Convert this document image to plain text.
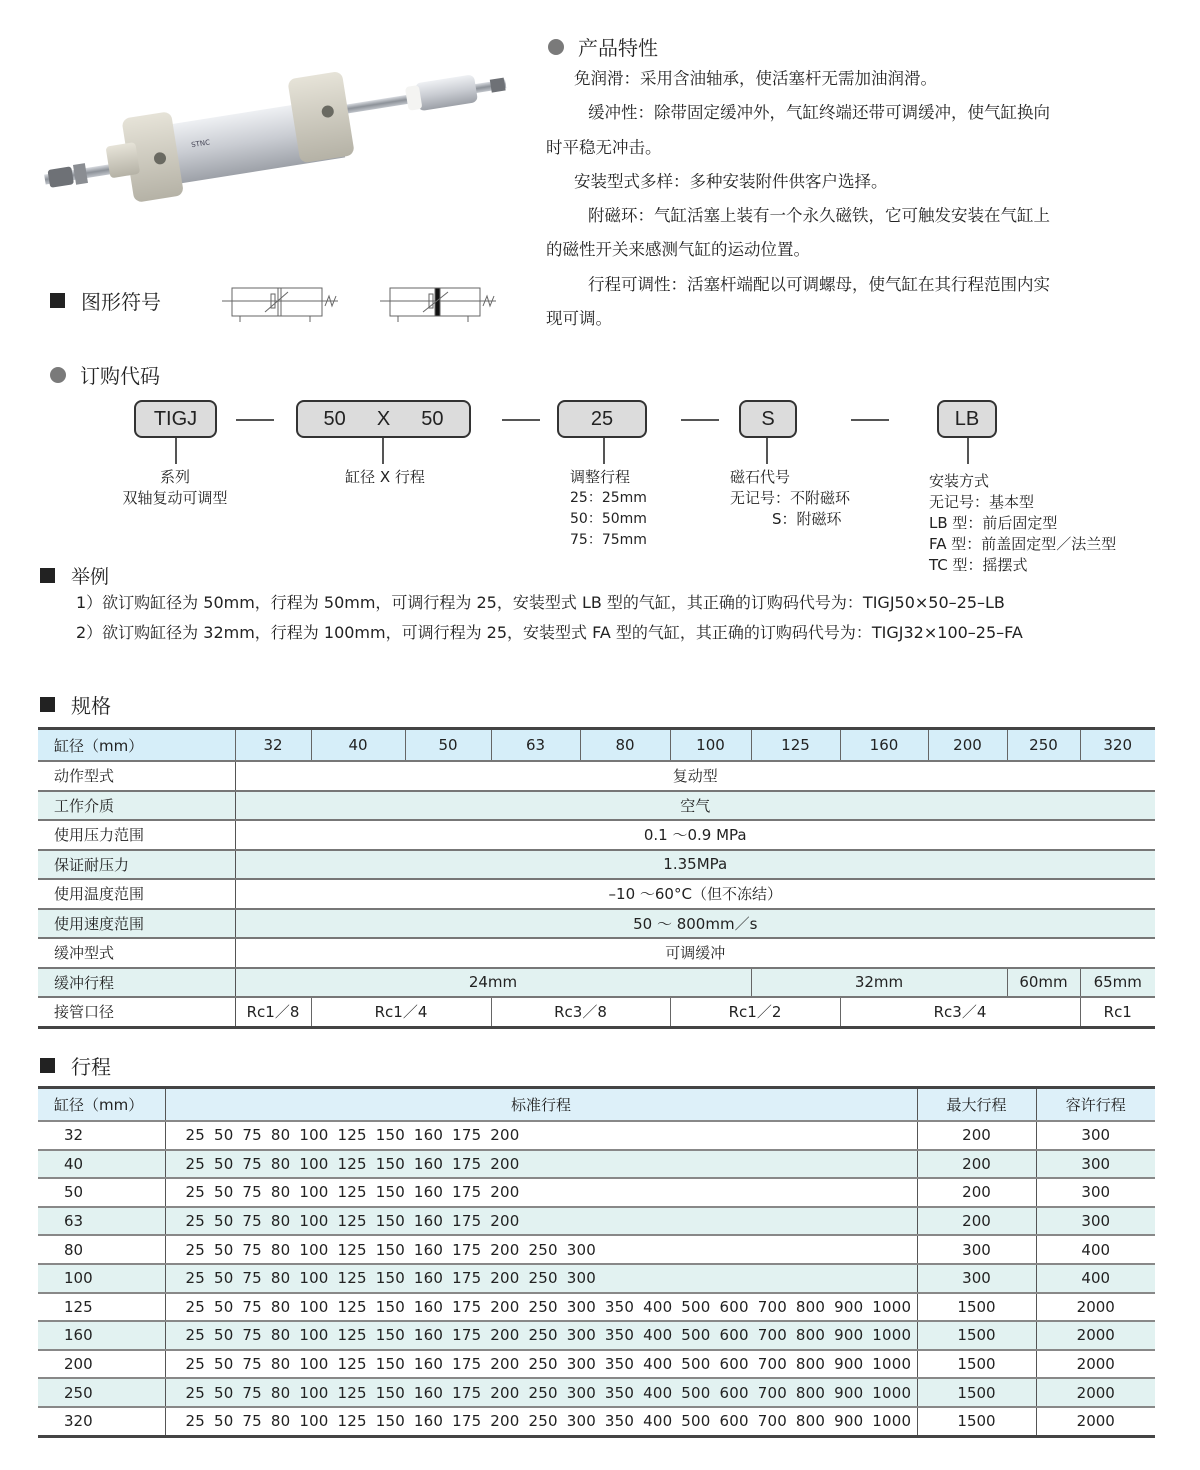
STNC
产品特性

免润滑：采用含油轴承，使活塞杆无需加油润滑。

缓冲性：除带固定缓冲外，气缸终端还带可调缓冲，使气缸换向

时平稳无冲击。

安装型式多样：多种安装附件供客户选择。

附磁环：气缸活塞上装有一个永久磁铁，它可触发安装在气缸上

的磁性开关来感测气缸的运动位置。

行程可调性：活塞杆端配以可调螺母，使气缸在其行程范围内实

现可调。

图形符号
订购代码
TIGJ	50 X 50	25	S	LB
系列
双轴复动可调型
缸径 X 行程	调整行程
25：25mm
50：50mm
75：75mm
磁石代号
无记号：不附磁环
S：附磁环
安装方式
无记号：基本型
LB 型：前后固定型
FA 型：前盖固定型／法兰型
TC 型：摇摆式
举例
1）欲订购缸径为 50mm，行程为 50mm，可调行程为 25，安装型式 LB 型的气缸，其正确的订购码代号为：TIGJ50×50–25–LB
2）欲订购缸径为 32mm，行程为 100mm，可调行程为 25，安装型式 FA 型的气缸，其正确的订购码代号为：TIGJ32×100–25–FA
规格
缸径（mm）	32	40	50	63	80	100	125	160	200	250	320
动作型式	复动型										
工作介质	空气										
使用压力范围	0.1 ～0.9 MPa										
保证耐压力	1.35MPa										
使用温度范围	–10 ～60°C（但不冻结）										
使用速度范围	50 ～ 800mm／s										
缓冲型式	可调缓冲										
缓冲行程	24mm						32mm			60mm	65mm
接管口径	Rc1／8	Rc1／4		Rc3／8		Rc1／2		Rc3／4			Rc1
行程
缸径（mm）	标准行程	最大行程	容许行程
32	25 50 75 80 100 125 150 160 175 200	200	300
40	25 50 75 80 100 125 150 160 175 200	200	300
50	25 50 75 80 100 125 150 160 175 200	200	300
63	25 50 75 80 100 125 150 160 175 200	200	300
80	25 50 75 80 100 125 150 160 175 200 250 300	300	400
100	25 50 75 80 100 125 150 160 175 200 250 300	300	400
125	25 50 75 80 100 125 150 160 175 200 250 300 350 400 500 600 700 800 900 1000	1500	2000
160	25 50 75 80 100 125 150 160 175 200 250 300 350 400 500 600 700 800 900 1000	1500	2000
200	25 50 75 80 100 125 150 160 175 200 250 300 350 400 500 600 700 800 900 1000	1500	2000
250	25 50 75 80 100 125 150 160 175 200 250 300 350 400 500 600 700 800 900 1000	1500	2000
320	25 50 75 80 100 125 150 160 175 200 250 300 350 400 500 600 700 800 900 1000	1500	2000
